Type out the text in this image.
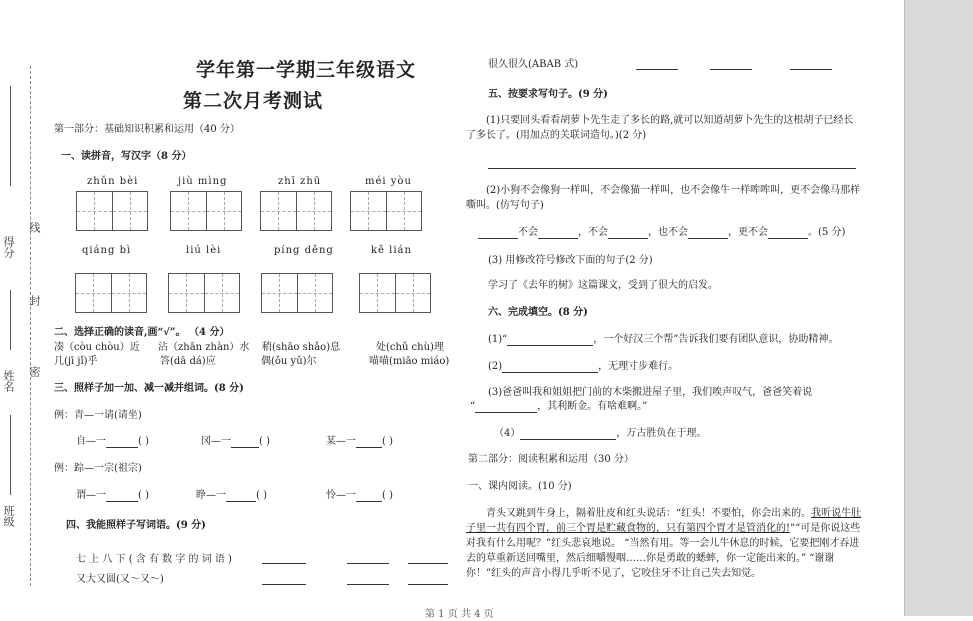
得分
姓名
班级
线
封
密
学年第一学期三年级语文
第二次月考测试
第一部分：基础知识积累和运用（40 分）
一、读拼音，写汉字（8 分）
zhǔn bèi	jiù mìng	zhī zhū	méi yòu
qiáng bì	liú lèi	píng děng	kě lián
二、选择正确的读音,画“√”。 （4 分）
凑（còu chòu）近 沾（zhān zhàn）水 稍(shāo shǎo)息	处(chǔ chù)理
几(jī jǐ)乎	答(dā dá)应	偶(ǒu yǔ)尔	喵喵(miāo miáo)
三、照样子加一加、减一减并组词。(8 分)
例：青—一请(请坐)
自—一	( )	冈—一	( )	某—一	( )
例：踪—一宗(祖宗)
谓—一	( )	睁—一	( )	怜—一	( )
四、我能照样子写词语。(9 分)
七 上 八 下 ( 含 有 数 字 的 词 语 )
又大又圆(又～又～)
很久很久(ABAB 式)
五、按要求写句子。(9 分)
(1)只要回头看看胡萝卜先生走了多长的路,就可以知道胡萝卜先生的这根胡子已经长了多长了。(用加点的关联词造句。)(2 分)
(2)小狗不会像狗一样叫，不会像猫一样叫，也不会像牛一样哞哞叫，更不会像马那样嘶叫。(仿写句子)
不会	，不会	，也不会	，更不会	。(5 分)
(3) 用修改符号修改下面的句子(2 分)
学习了《去年的树》这篇课文，受到了很大的启发。
六、完成填空。(8 分)
(1)“	，一个好汉三个帮”告诉我们要有团队意识，协助精神。
(2)	，无理寸步难行。
(3)爸爸叫我和姐姐把门前的木柴搬进屋子里，我们唉声叹气，爸爸笑着说
“	，其利断金。有啥难啊。”
（4）	，万古胜负在于理。
第二部分：阅读积累和运用（30 分）
一、课内阅读。(10 分)
青头又跳到牛身上，隔着肚皮和红头说话：“红头！不要怕，你会出来的。我听说牛肚子里一共有四个胃，前三个胃是贮藏食物的，只有第四个胃才是管消化的!”“可是你说这些对我有什么用呢？”红头悲哀地说。 “当然有用。等一会儿牛休息的时候，它要把刚才吞进去的草重新送回嘴里，然后细嚼慢咽……你是勇敢的蟋蟀，你一定能出来的。” “谢谢你！”红头的声音小得几乎听不见了，它咬住牙不让自己失去知觉。
第 1 页 共 4 页
